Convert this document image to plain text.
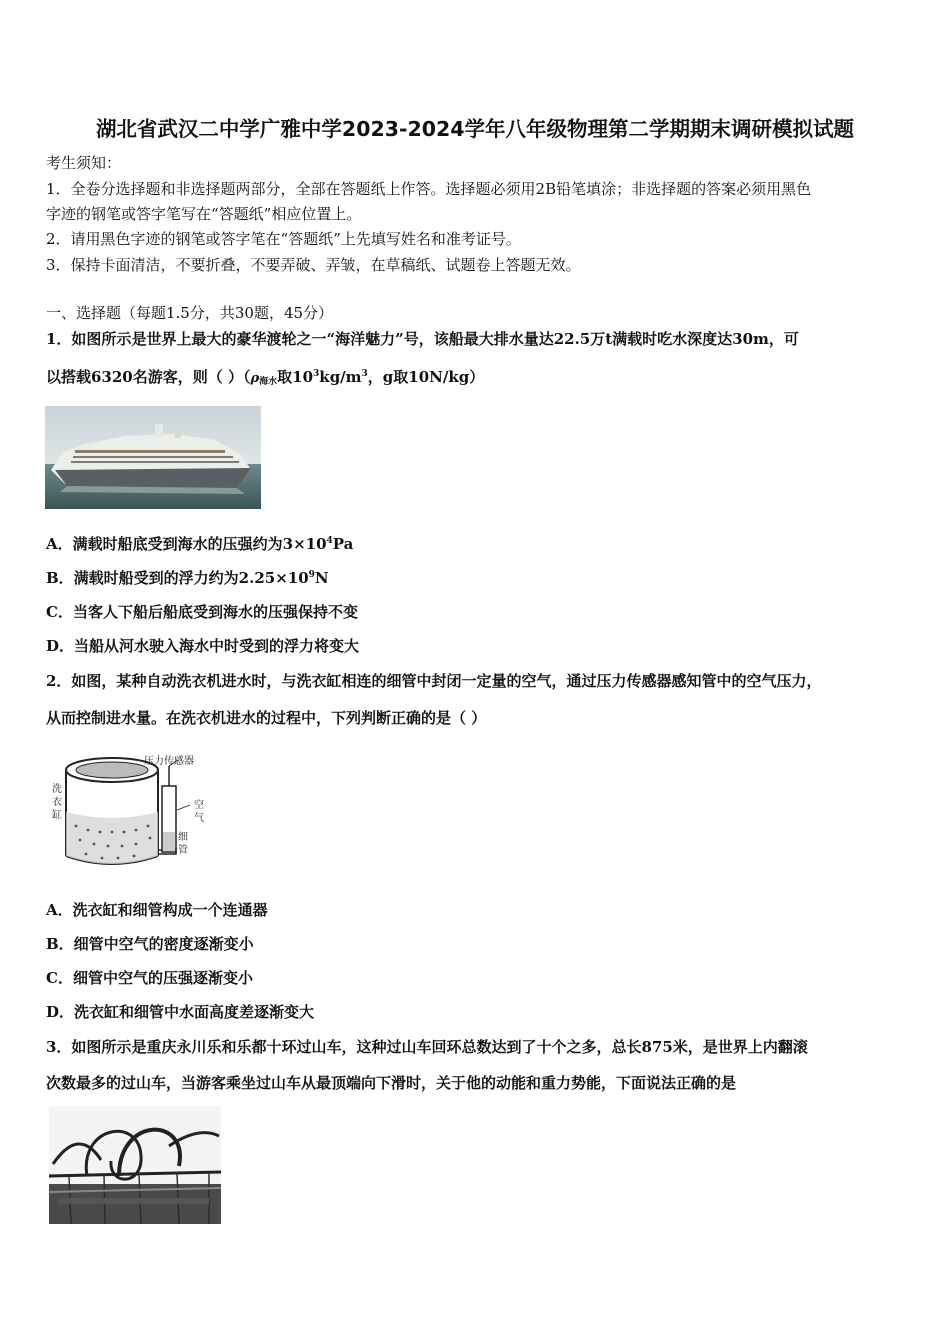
湖北省武汉二中学广雅中学2023-2024学年八年级物理第二学期期末调研模拟试题
考生须知：
1．全卷分选择题和非选择题两部分，全部在答题纸上作答。选择题必须用2B铅笔填涂；非选择题的答案必须用黑色
字迹的钢笔或答字笔写在“答题纸”相应位置上。
2．请用黑色字迹的钢笔或答字笔在“答题纸”上先填写姓名和准考证号。
3．保持卡面清洁，不要折叠，不要弄破、弄皱，在草稿纸、试题卷上答题无效。
一、选择题（每题1.5分，共30题，45分）
1．如图所示是世界上最大的豪华渡轮之一“海洋魅力”号，该船最大排水量达22.5万t满载时吃水深度达30m，可
以搭载6320名游客，则（ ）（$\rho_{海水}$取$10^3kg/m^3$，g取10N/kg）
A．满载时船底受到海水的压强约为$3\times 10^4Pa$
B．满载时船受到的浮力约为$2.25\times 10^9N$
C．当客人下船后船底受到海水的压强保持不变
D．当船从河水驶入海水中时受到的浮力将变大
2．如图，某种自动洗衣机进水时，与洗衣缸相连的细管中封闭一定量的空气，通过压力传感器感知管中的空气压力，
从而控制进水量。在洗衣机进水的过程中，下列判断正确的是（ ）
压力传感器
洗
衣
缸
空
气
细
管
A．洗衣缸和细管构成一个连通器
B．细管中空气的密度逐渐变小
C．细管中空气的压强逐渐变小
D．洗衣缸和细管中水面高度差逐渐变大
3．如图所示是重庆永川乐和乐都十环过山车，这种过山车回环总数达到了十个之多，总长875米，是世界上内翻滚
次数最多的过山车，当游客乘坐过山车从最顶端向下滑时，关于他的动能和重力势能，下面说法正确的是
